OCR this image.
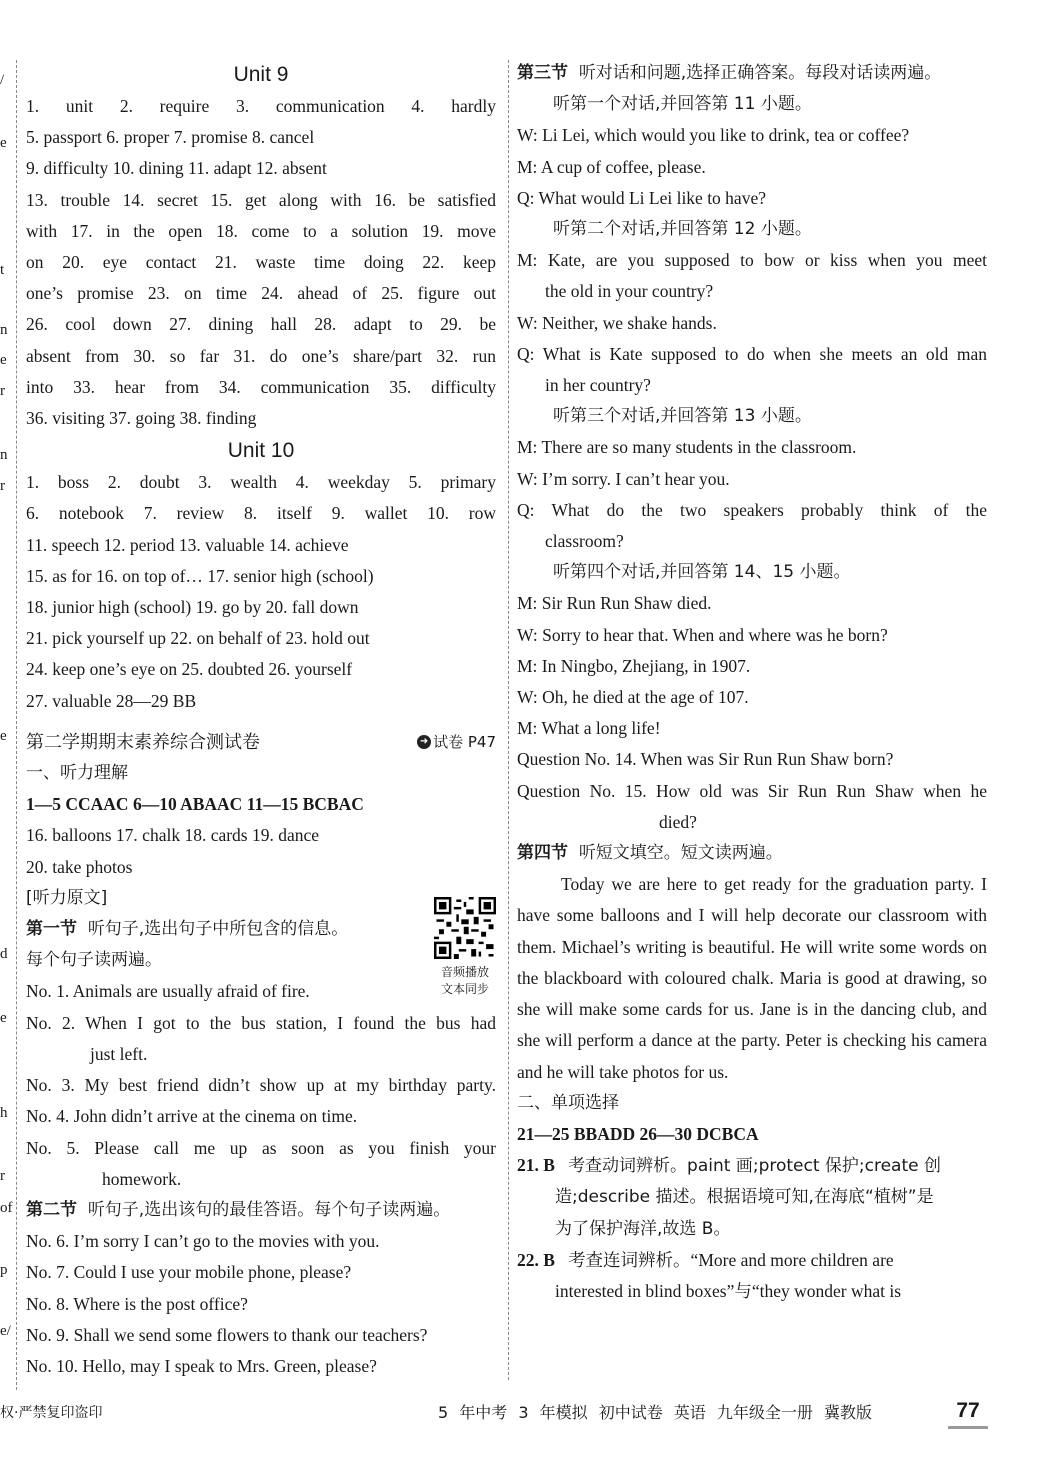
/
e
t
n
e
r
n
r
e
d
e
h
r
of
p
e/
Unit 9
1. unit 2. require 3. communication 4. hardly
5. passport 6. proper 7. promise 8. cancel
9. difficulty 10. dining 11. adapt 12. absent
13. trouble 14. secret 15. get along with 16. be satisfied
with 17. in the open 18. come to a solution 19. move
on 20. eye contact 21. waste time doing 22. keep
one’s promise 23. on time 24. ahead of 25. figure out
26. cool down 27. dining hall 28. adapt to 29. be
absent from 30. so far 31. do one’s share/part 32. run
into 33. hear from 34. communication 35. difficulty
36. visiting 37. going 38. finding
Unit 10
1. boss 2. doubt 3. wealth 4. weekday 5. primary
6. notebook 7. review 8. itself 9. wallet 10. row
11. speech 12. period 13. valuable 14. achieve
15. as for 16. on top of… 17. senior high (school)
18. junior high (school) 19. go by 20. fall down
21. pick yourself up 22. on behalf of 23. hold out
24. keep one’s eye on 25. doubted 26. yourself
27. valuable 28—29 BB
第二学期期末素养综合测试卷	➜ 试卷 P47
一、听力理解
1—5 CCAAC 6—10 ABAAC 11—15 BCBAC
16. balloons 17. chalk 18. cards 19. dance
20. take photos
[听力原文]
第一节 听句子,选出句子中所包含的信息。
每个句子读两遍。
No. 1. Animals are usually afraid of fire.
No. 2. When I got to the bus station, I found the bus had
just left.
No. 3. My best friend didn’t show up at my birthday party.
No. 4. John didn’t arrive at the cinema on time.
No. 5. Please call me up as soon as you finish your
homework.
第二节 听句子,选出该句的最佳答语。每个句子读两遍。
No. 6. I’m sorry I can’t go to the movies with you.
No. 7. Could I use your mobile phone, please?
No. 8. Where is the post office?
No. 9. Shall we send some flowers to thank our teachers?
No. 10. Hello, may I speak to Mrs. Green, please?
音频播放
文本同步
第三节 听对话和问题,选择正确答案。每段对话读两遍。
听第一个对话,并回答第 11 小题。
W: Li Lei, which would you like to drink, tea or coffee?
M: A cup of coffee, please.
Q: What would Li Lei like to have?
听第二个对话,并回答第 12 小题。
M: Kate, are you supposed to bow or kiss when you meet
the old in your country?
W: Neither, we shake hands.
Q: What is Kate supposed to do when she meets an old man
in her country?
听第三个对话,并回答第 13 小题。
M: There are so many students in the classroom.
W: I’m sorry. I can’t hear you.
Q: What do the two speakers probably think of the
classroom?
听第四个对话,并回答第 14、15 小题。
M: Sir Run Run Shaw died.
W: Sorry to hear that. When and where was he born?
M: In Ningbo, Zhejiang, in 1907.
W: Oh, he died at the age of 107.
M: What a long life!
Question No. 14. When was Sir Run Run Shaw born?
Question No. 15. How old was Sir Run Run Shaw when he
died?
第四节 听短文填空。短文读两遍。
Today we are here to get ready for the graduation party. I have some balloons and I will help decorate our classroom with them. Michael’s writing is beautiful. He will write some words on the blackboard with coloured chalk. Maria is good at drawing, so she will make some cards for us. Jane is in the dancing club, and she will perform a dance at the party. Peter is checking his camera and he will take photos for us.
二、单项选择
21—25 BBADD 26—30 DCBCA
21. B 考查动词辨析。paint 画;protect 保护;create 创
造;describe 描述。根据语境可知,在海底“植树”是
为了保护海洋,故选 B。
22. B 考查连词辨析。“More and more children are
interested in blind boxes”与“they wonder what is
权·严禁复印盗印	5 年中考 3 年模拟 初中试卷 英语 九年级全一册 冀教版	77
